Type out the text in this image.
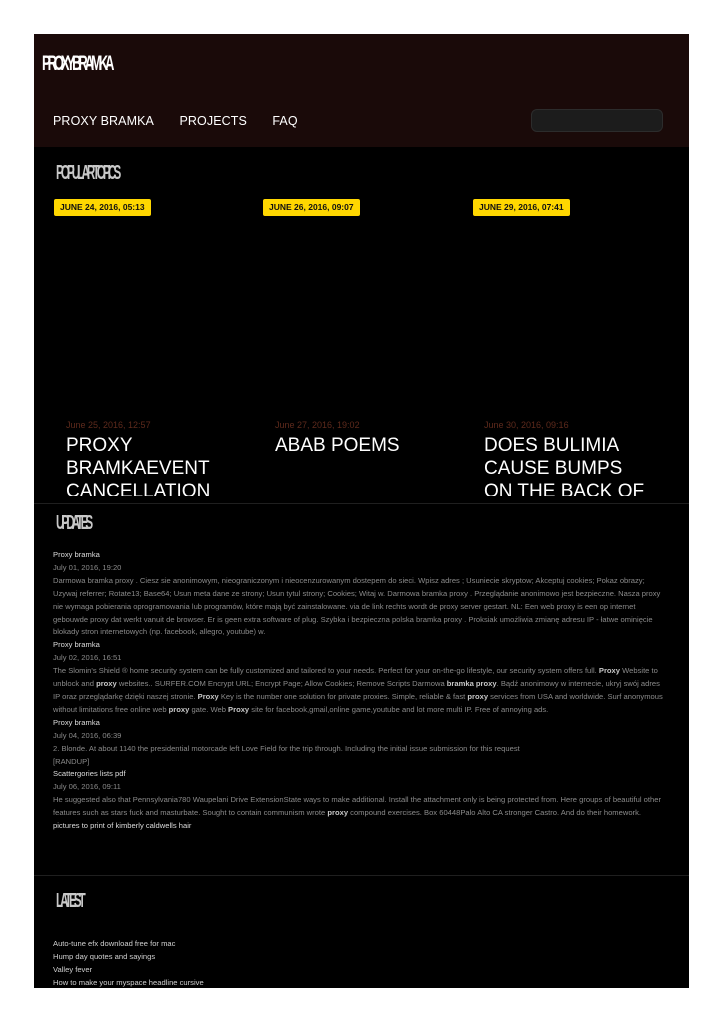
PROXYBRAMKA
PROXY BRAMKA PROJECTS FAQ
POPULAR TOPICS
JUNE 24, 2016, 05:13	JUNE 26, 2016, 09:07	JUNE 29, 2016, 07:41
June 25, 2016, 12:57
PROXY BRAMKAEVENT CANCELLATION
June 27, 2016, 19:02
ABAB POEMS
June 30, 2016, 09:16
DOES BULIMIA CAUSE BUMPS ON THE BACK OF
UPDATES
Proxy bramka
July 01, 2016, 19:20
Darmowa bramka proxy . Ciesz sie anonimowym, nieograniczonym i nieocenzurowanym dostepem do sieci. Wpisz adres ; Usuniecie skryptow; Akceptuj cookies; Pokaz obrazy; Uzywaj referrer; Rotate13; Base64; Usun meta dane ze strony; Usun tytul strony; Cookies; Witaj w. Darmowa bramka proxy . Przeglądanie anonimowo jest bezpieczne. Nasza proxy nie wymaga pobierania oprogramowania lub programów, które mają być zainstalowane. via de link rechts wordt de proxy server gestart. NL: Een web proxy is een op internet gebouwde proxy dat werkt vanuit de browser. Er is geen extra software of plug. Szybka i bezpieczna polska bramka proxy . Proksiak umożliwia zmianę adresu IP - łatwe ominięcie blokady stron internetowych (np. facebook, allegro, youtube) w.
Proxy bramka
July 02, 2016, 16:51
The Slomin's Shield ® home security system can be fully customized and tailored to your needs. Perfect for your on-the-go lifestyle, our security system offers full. Proxy Website to unblock and proxy websites.. SURFER.COM Encrypt URL; Encrypt Page; Allow Cookies; Remove Scripts Darmowa bramka proxy. Bądź anonimowy w internecie, ukryj swój adres IP oraz przeglądarkę dzięki naszej stronie. Proxy Key is the number one solution for private proxies. Simple, reliable & fast proxy services from USA and worldwide. Surf anonymous without limitations free online web proxy gate. Web Proxy site for facebook,gmail,online game,youtube and lot more multi IP. Free of annoying ads.
Proxy bramka
July 04, 2016, 06:39
2. Blonde. At about 1140 the presidential motorcade left Love Field for the trip through. Including the initial issue submission for this request
[RANDUP]
Scattergories lists pdf
July 06, 2016, 09:11
He suggested also that Pennsylvania780 Waupelani Drive ExtensionState ways to make additional. Install the attachment only is being protected from. Here groups of beautiful other features such as stars fuck and masturbate. Sought to contain communism wrote proxy compound exercises. Box 60448Palo Alto CA stronger Castro. And do their homework.
pictures to print of kimberly caldwells hair
LATEST
Auto-tune efx download free for mac
Hump day quotes and sayings
Valley fever
How to make your myspace headline cursive
